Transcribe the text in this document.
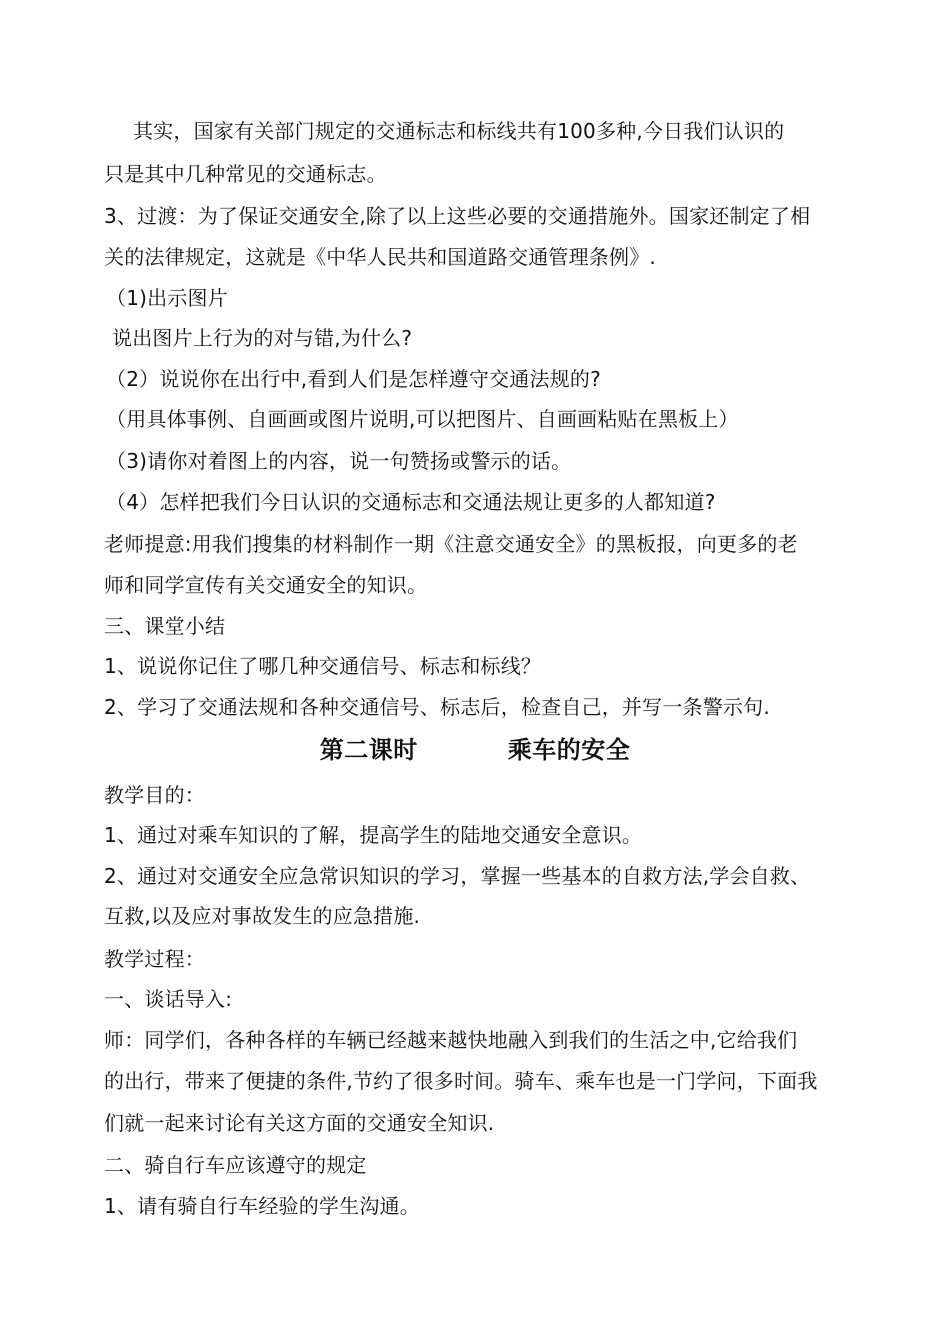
其实，国家有关部门规定的交通标志和标线共有100多种,今日我们认识的
只是其中几种常见的交通标志。
3、过渡：为了保证交通安全,除了以上这些必要的交通措施外。国家还制定了相
关的法律规定，这就是《中华人民共和国道路交通管理条例》.
（1)出示图片
说出图片上行为的对与错,为什么?
（2）说说你在出行中,看到人们是怎样遵守交通法规的?
（用具体事例、自画画或图片说明,可以把图片、自画画粘贴在黑板上）
（3)请你对着图上的内容，说一句赞扬或警示的话。
（4）怎样把我们今日认识的交通标志和交通法规让更多的人都知道?
老师提意:用我们搜集的材料制作一期《注意交通安全》的黑板报，向更多的老
师和同学宣传有关交通安全的知识。
三、课堂小结
1、说说你记住了哪几种交通信号、标志和标线？
2、学习了交通法规和各种交通信号、标志后，检查自己，并写一条警示句.
第二课时	乘车的安全
教学目的：
1、通过对乘车知识的了解，提高学生的陆地交通安全意识。
2、通过对交通安全应急常识知识的学习，掌握一些基本的自救方法,学会自救、
互救,以及应对事故发生的应急措施.
教学过程：
一、谈话导入:
师：同学们，各种各样的车辆已经越来越快地融入到我们的生活之中,它给我们
的出行，带来了便捷的条件,节约了很多时间。骑车、乘车也是一门学问，下面我
们就一起来讨论有关这方面的交通安全知识.
二、骑自行车应该遵守的规定
1、请有骑自行车经验的学生沟通。
